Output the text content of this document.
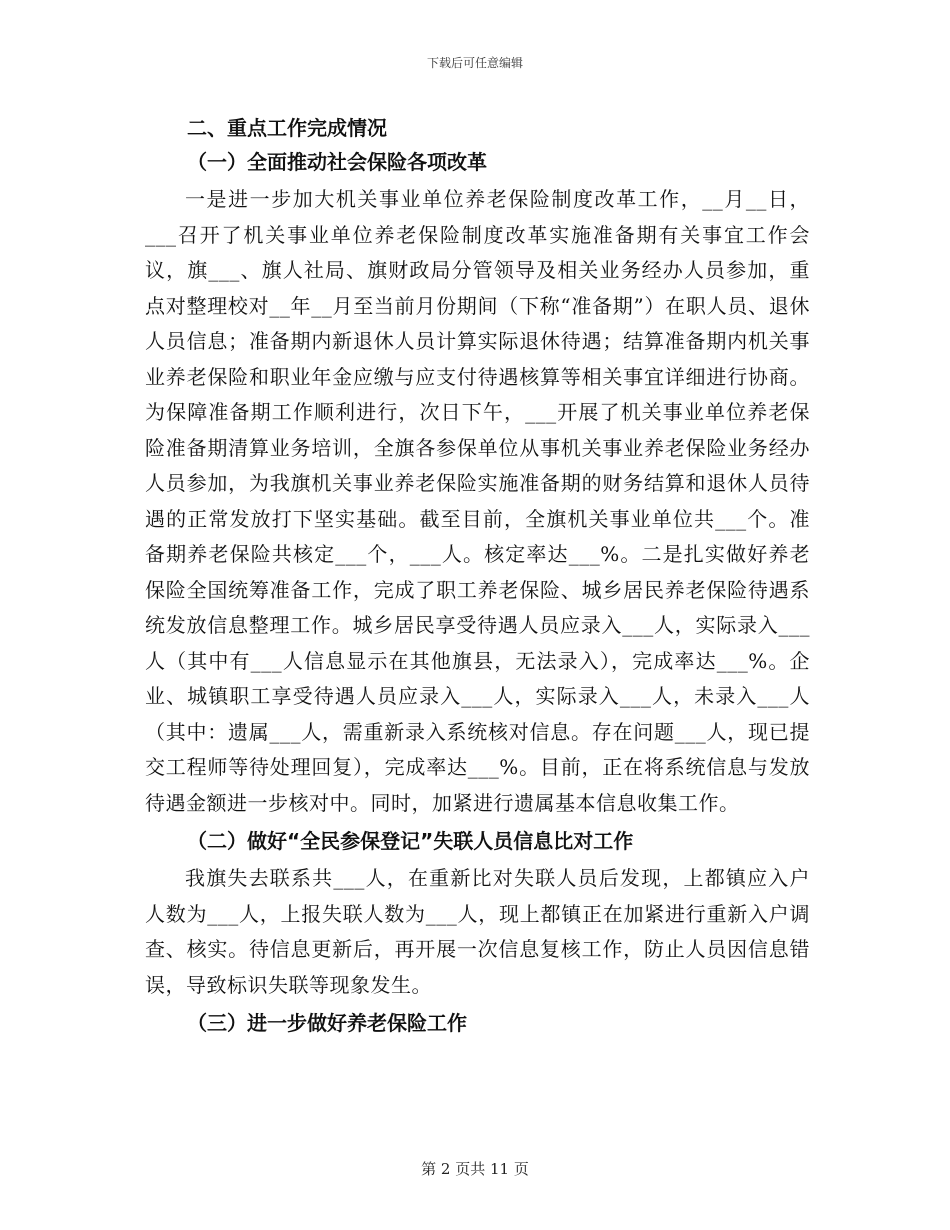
下载后可任意编辑
二、重点工作完成情况
（一）全面推动社会保险各项改革

一是进一步加大机关事业单位养老保险制度改革工作，__月__日，___召开了机关事业单位养老保险制度改革实施准备期有关事宜工作会议，旗___、旗人社局、旗财政局分管领导及相关业务经办人员参加，重点对整理校对__年__月至当前月份期间（下称“准备期”）在职人员、退休人员信息；准备期内新退休人员计算实际退休待遇；结算准备期内机关事业养老保险和职业年金应缴与应支付待遇核算等相关事宜详细进行协商。为保障准备期工作顺利进行，次日下午，___开展了机关事业单位养老保险准备期清算业务培训，全旗各参保单位从事机关事业养老保险业务经办人员参加，为我旗机关事业养老保险实施准备期的财务结算和退休人员待遇的正常发放打下坚实基础。截至目前，全旗机关事业单位共___个。准备期养老保险共核定___个，___人。核定率达___%。二是扎实做好养老保险全国统筹准备工作，完成了职工养老保险、城乡居民养老保险待遇系统发放信息整理工作。城乡居民享受待遇人员应录入___人，实际录入___人（其中有___人信息显示在其他旗县，无法录入），完成率达___%。企业、城镇职工享受待遇人员应录入___人，实际录入___人，未录入___人（其中：遗属___人，需重新录入系统核对信息。存在问题___人，现已提交工程师等待处理回复），完成率达___%。目前，正在将系统信息与发放待遇金额进一步核对中。同时，加紧进行遗属基本信息收集工作。

（二）做好“全民参保登记”失联人员信息比对工作

我旗失去联系共___人，在重新比对失联人员后发现，上都镇应入户人数为___人，上报失联人数为___人，现上都镇正在加紧进行重新入户调查、核实。待信息更新后，再开展一次信息复核工作，防止人员因信息错误，导致标识失联等现象发生。

（三）进一步做好养老保险工作
第 2 页共 11 页
